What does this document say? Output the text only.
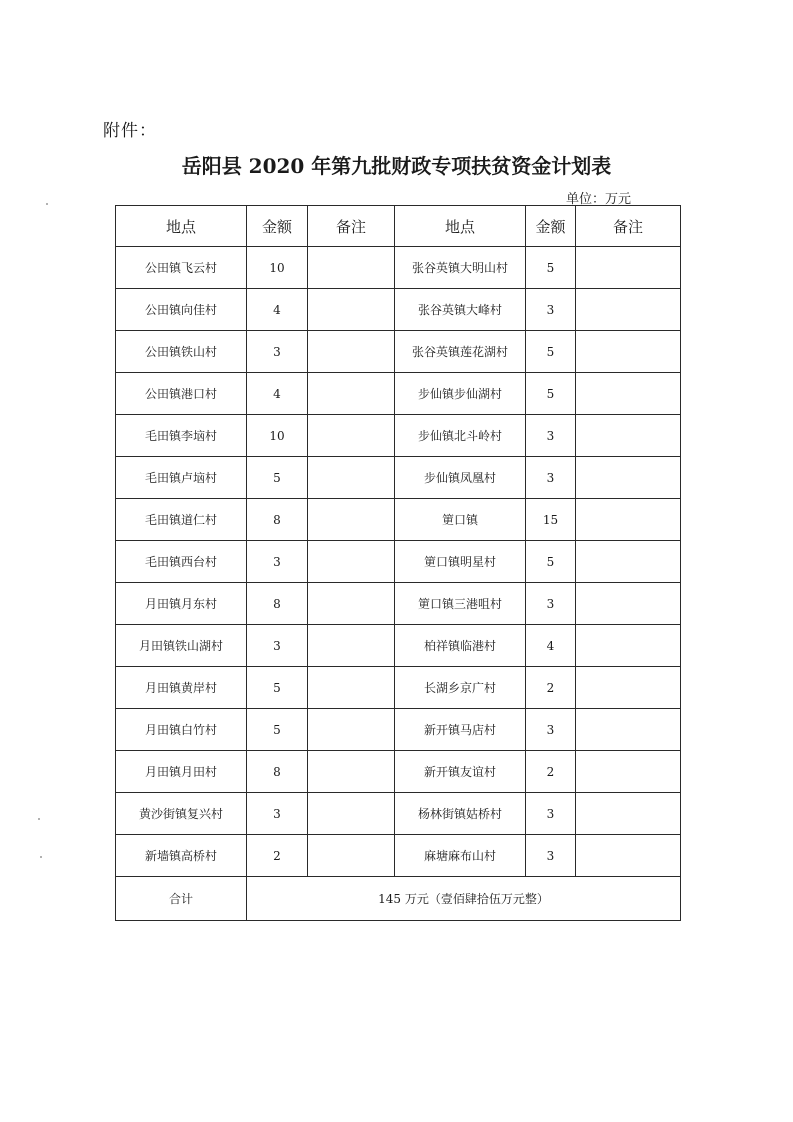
附件：
岳阳县 2020 年第九批财政专项扶贫资金计划表
单位：万元
地点	金额	备注	地点	金额	备注
公田镇飞云村	10		张谷英镇大明山村	5	
公田镇向佳村	4		张谷英镇大峰村	3	
公田镇铁山村	3		张谷英镇莲花湖村	5	
公田镇港口村	4		步仙镇步仙湖村	5	
毛田镇李垴村	10		步仙镇北斗岭村	3	
毛田镇卢垴村	5		步仙镇凤凰村	3	
毛田镇道仁村	8		筻口镇	15	
毛田镇西台村	3		筻口镇明星村	5	
月田镇月东村	8		筻口镇三港咀村	3	
月田镇铁山湖村	3		柏祥镇临港村	4	
月田镇黄岸村	5		长湖乡京广村	2	
月田镇白竹村	5		新开镇马店村	3	
月田镇月田村	8		新开镇友谊村	2	
黄沙街镇复兴村	3		杨林街镇姑桥村	3	
新墙镇高桥村	2		麻塘麻布山村	3	
合计	145 万元（壹佰肆拾伍万元整）				
